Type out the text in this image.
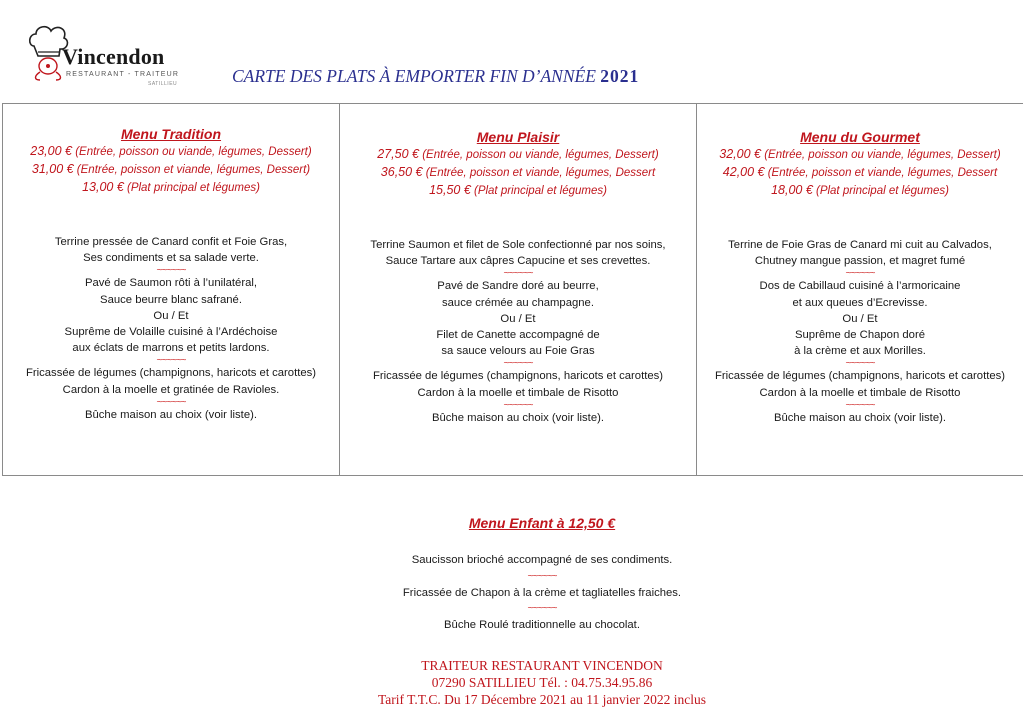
Vincendon
RESTAURANT - TRAITEUR
SATILLIEU	CARTE DES PLATS À EMPORTER FIN D’ANNÉE 2021
Menu Tradition
23,00 € (Entrée, poisson ou viande, légumes, Dessert)
31,00 € (Entrée, poisson et viande, légumes, Dessert)
13,00 € (Plat principal et légumes)
Terrine pressée de Canard confit et Foie Gras,
Ses condiments et sa salade verte.
~~~~~~
Pavé de Saumon rôti à l’unilatéral,
Sauce beurre blanc safrané.
Ou / Et
Suprême de Volaille cuisiné à l’Ardéchoise
aux éclats de marrons et petits lardons.
~~~~~~
Fricassée de légumes (champignons, haricots et carottes)
Cardon à la moelle et gratinée de Ravioles.
~~~~~~
Bûche maison au choix (voir liste).
Menu Plaisir
27,50 € (Entrée, poisson ou viande, légumes, Dessert)
36,50 € (Entrée, poisson et viande, légumes, Dessert
15,50 € (Plat principal et légumes)
Terrine Saumon et filet de Sole confectionné par nos soins,
Sauce Tartare aux câpres Capucine et ses crevettes.
~~~~~~
Pavé de Sandre doré au beurre,
sauce crémée au champagne.
Ou / Et
Filet de Canette accompagné de
sa sauce velours au Foie Gras
~~~~~~
Fricassée de légumes (champignons, haricots et carottes)
Cardon à la moelle et timbale de Risotto
~~~~~~
Bûche maison au choix (voir liste).
Menu du Gourmet
32,00 € (Entrée, poisson ou viande, légumes, Dessert)
42,00 € (Entrée, poisson et viande, légumes, Dessert
18,00 € (Plat principal et légumes)
Terrine de Foie Gras de Canard mi cuit au Calvados,
Chutney mangue passion, et magret fumé
~~~~~~
Dos de Cabillaud cuisiné à l’armoricaine
et aux queues d’Ecrevisse.
Ou / Et
Suprême de Chapon doré
à la crème et aux Morilles.
~~~~~~
Fricassée de légumes (champignons, haricots et carottes)
Cardon à la moelle et timbale de Risotto
~~~~~~
Bûche maison au choix (voir liste).
Menu Enfant à 12,50 €
Saucisson brioché accompagné de ses condiments.
~~~~~~
Fricassée de Chapon à la crème et tagliatelles fraiches.
~~~~~~
Bûche Roulé traditionnelle au chocolat.
TRAITEUR RESTAURANT VINCENDON
07290 SATILLIEU Tél. : 04.75.34.95.86
Tarif T.T.C. Du 17 Décembre 2021 au 11 janvier 2022 inclus
